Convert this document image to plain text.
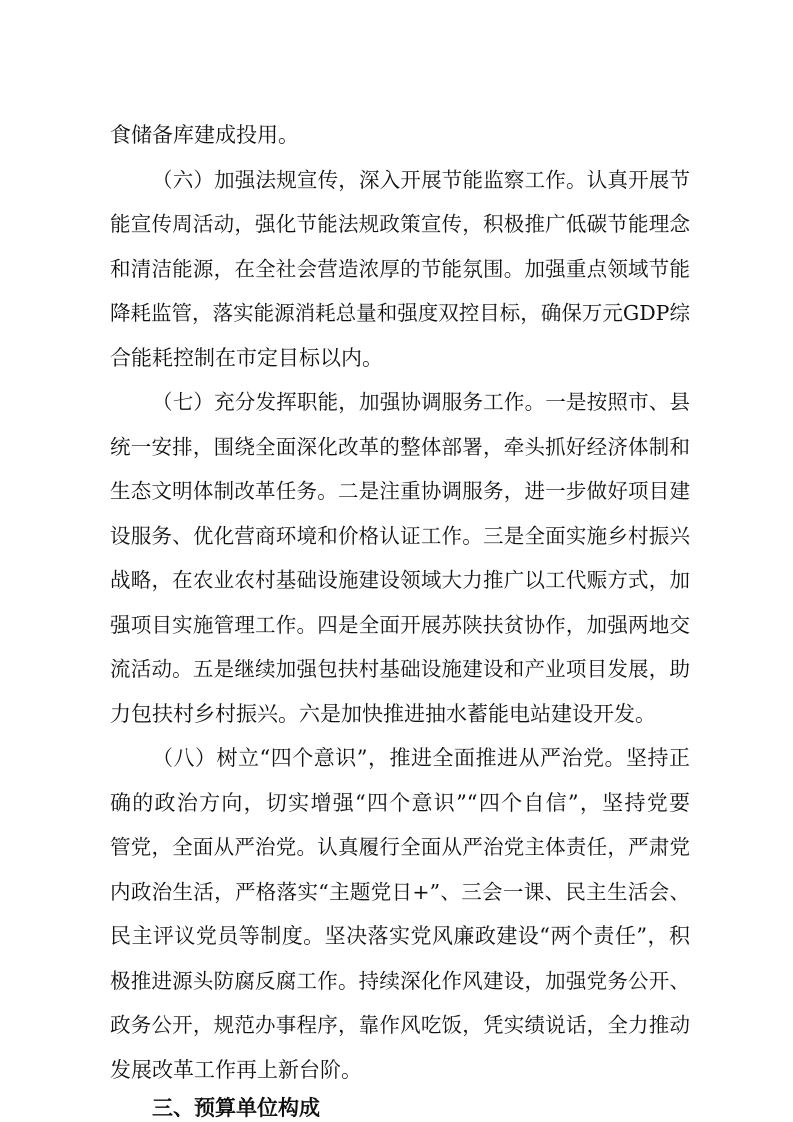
食储备库建成投用。
（六）加强法规宣传，深入开展节能监察工作。认真开展节
能宣传周活动，强化节能法规政策宣传，积极推广低碳节能理念
和清洁能源，在全社会营造浓厚的节能氛围。加强重点领域节能
降耗监管，落实能源消耗总量和强度双控目标，确保万元GDP综
合能耗控制在市定目标以内。
（七）充分发挥职能，加强协调服务工作。一是按照市、县
统一安排，围绕全面深化改革的整体部署，牵头抓好经济体制和
生态文明体制改革任务。二是注重协调服务，进一步做好项目建
设服务、优化营商环境和价格认证工作。三是全面实施乡村振兴
战略，在农业农村基础设施建设领域大力推广以工代赈方式，加
强项目实施管理工作。四是全面开展苏陕扶贫协作，加强两地交
流活动。五是继续加强包扶村基础设施建设和产业项目发展，助
力包扶村乡村振兴。六是加快推进抽水蓄能电站建设开发。
（八）树立“四个意识”，推进全面推进从严治党。坚持正
确的政治方向，切实增强“四个意识”“四个自信”，坚持党要
管党，全面从严治党。认真履行全面从严治党主体责任，严肃党
内政治生活，严格落实“主题党日+”、三会一课、民主生活会、
民主评议党员等制度。坚决落实党风廉政建设“两个责任”，积
极推进源头防腐反腐工作。持续深化作风建设，加强党务公开、
政务公开，规范办事程序，靠作风吃饭，凭实绩说话，全力推动
发展改革工作再上新台阶。
三、预算单位构成
